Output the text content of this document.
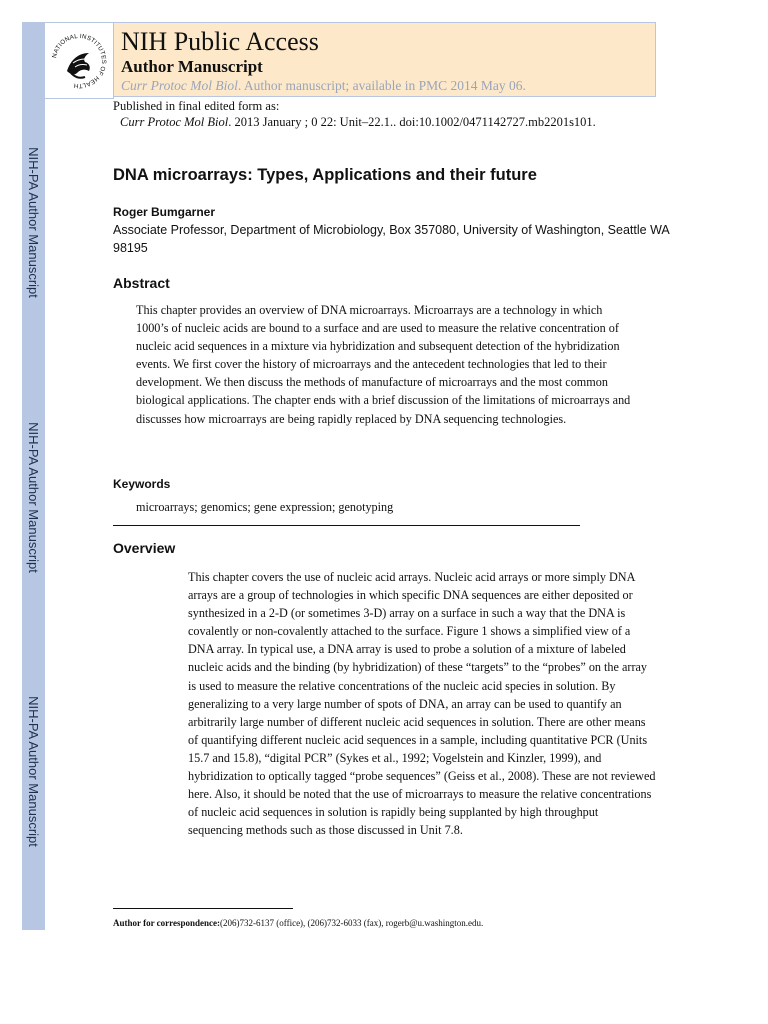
NIH-PA Author Manuscript
NIH-PA Author Manuscript
NIH-PA Author Manuscript
NATIONAL INSTITUTES OF HEALTH
NIH Public Access
Author Manuscript
Curr Protoc Mol Biol. Author manuscript; available in PMC 2014 May 06.
Published in final edited form as:
Curr Protoc Mol Biol. 2013 January ; 0 22: Unit–22.1.. doi:10.1002/0471142727.mb2201s101.
DNA microarrays: Types, Applications and their future
Roger Bumgarner
Associate Professor, Department of Microbiology, Box 357080, University of Washington, Seattle WA 98195
Abstract
This chapter provides an overview of DNA microarrays. Microarrays are a technology in which 1000’s of nucleic acids are bound to a surface and are used to measure the relative concentration of nucleic acid sequences in a mixture via hybridization and subsequent detection of the hybridization events. We first cover the history of microarrays and the antecedent technologies that led to their development. We then discuss the methods of manufacture of microarrays and the most common biological applications. The chapter ends with a brief discussion of the limitations of microarrays and discusses how microarrays are being rapidly replaced by DNA sequencing technologies.
Keywords
microarrays; genomics; gene expression; genotyping
Overview
This chapter covers the use of nucleic acid arrays. Nucleic acid arrays or more simply DNA arrays are a group of technologies in which specific DNA sequences are either deposited or synthesized in a 2-D (or sometimes 3-D) array on a surface in such a way that the DNA is covalently or non-covalently attached to the surface. Figure 1 shows a simplified view of a DNA array. In typical use, a DNA array is used to probe a solution of a mixture of labeled nucleic acids and the binding (by hybridization) of these “targets” to the “probes” on the array is used to measure the relative concentrations of the nucleic acid species in solution. By generalizing to a very large number of spots of DNA, an array can be used to quantify an arbitrarily large number of different nucleic acid sequences in solution. There are other means of quantifying different nucleic acid sequences in a sample, including quantitative PCR (Units 15.7 and 15.8), “digital PCR” (Sykes et al., 1992; Vogelstein and Kinzler, 1999), and hybridization to optically tagged “probe sequences” (Geiss et al., 2008). These are not reviewed here. Also, it should be noted that the use of microarrays to measure the relative concentrations of nucleic acid sequences in solution is rapidly being supplanted by high throughput sequencing methods such as those discussed in Unit 7.8.
Author for correspondence:(206)732-6137 (office), (206)732-6033 (fax), rogerb@u.washington.edu.
